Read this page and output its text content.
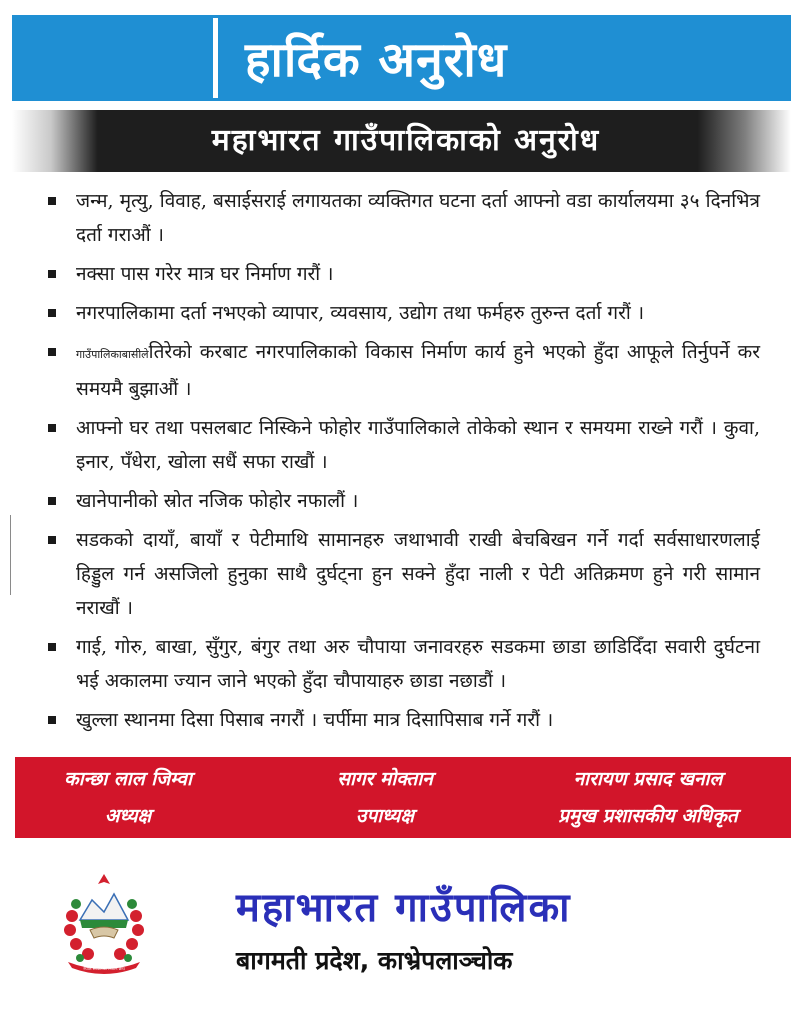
हार्दिक अनुरोध
महाभारत गाउँपालिकाको अनुरोध
जन्म, मृत्यु, विवाह, बसाईसराई लगायतका व्यक्तिगत घटना दर्ता आफ्नो वडा कार्यालयमा ३५ दिनभित्र दर्ता गराऔं ।
नक्सा पास गरेर मात्र घर निर्माण गरौं ।
नगरपालिकामा दर्ता नभएको व्यापार, व्यवसाय, उद्योग तथा फर्महरु तुरुन्त दर्ता गरौं ।
गाउँपालिकाबासीलेतिरेको करबाट नगरपालिकाको विकास निर्माण कार्य हुने भएको हुँदा आफूले तिर्नुपर्ने कर समयमै बुझाऔं ।
आफ्नो घर तथा पसलबाट निस्किने फोहोर गाउँपालिकाले तोकेको स्थान र समयमा राख्ने गरौं । कुवा, इनार, पँधेरा, खोला सधैं सफा राखौं ।
खानेपानीको स्रोत नजिक फोहोर नफालौं ।
सडकको दायाँ, बायाँ र पेटीमाथि सामानहरु जथाभावी राखी बेचबिखन गर्ने गर्दा सर्वसाधारणलाई हिड्डुल गर्न असजिलो हुनुका साथै दुर्घट्ना हुन सक्ने हुँदा नाली र पेटी अतिक्रमण हुने गरी सामान नराखौं ।
गाई, गोरु, बाखा, सुँगुर, बंगुर तथा अरु चौपाया जनावरहरु सडकमा छाडा छाडिदिँदा सवारी दुर्घटना भई अकालमा ज्यान जाने भएको हुँदा चौपायाहरु छाडा नछाडौं ।
खुल्ला स्थानमा दिसा पिसाब नगरौं । चर्पीमा मात्र दिसापिसाब गर्ने गरौं ।
कान्छा लाल जिम्वा
अध्यक्ष
सागर मोक्तान
उपाध्यक्ष
नारायण प्रसाद खनाल
प्रमुख प्रशासकीय अधिकृत
नेपाल सरकारको निशान छाप
महाभारत गाउँपालिका
बागमती प्रदेश, काभ्रेपलाञ्चोक
